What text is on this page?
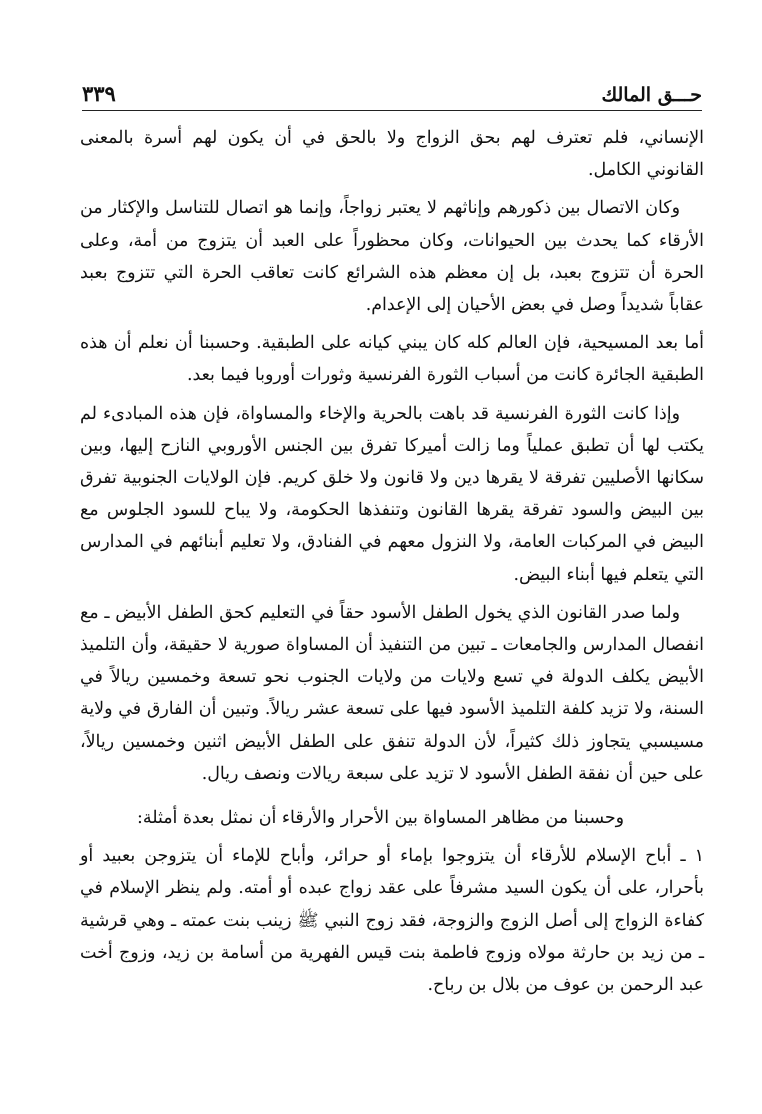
حـــق المالك
٣٣٩

الإنساني، فلم تعترف لهم بحق الزواج ولا بالحق في أن يكون لهم أسرة بالمعنى القانوني الكامل.

وكان الاتصال بين ذكورهم وإناثهم لا يعتبر زواجاً، وإنما هو اتصال للتناسل والإكثار من الأرقاء كما يحدث بين الحيوانات، وكان محظوراً على العبد أن يتزوج من أمة، وعلى الحرة أن تتزوج بعبد، بل إن معظم هذه الشرائع كانت تعاقب الحرة التي تتزوج بعبد عقاباً شديداً وصل في بعض الأحيان إلى الإعدام.

أما بعد المسيحية، فإن العالم كله كان يبني كيانه على الطبقية. وحسبنا أن نعلم أن هذه الطبقية الجائرة كانت من أسباب الثورة الفرنسية وثورات أوروبا فيما بعد.

وإذا كانت الثورة الفرنسية قد باهت بالحرية والإخاء والمساواة، فإن هذه المبادىء لم يكتب لها أن تطبق عملياً وما زالت أميركا تفرق بين الجنس الأوروبي النازح إليها، وبين سكانها الأصليين تفرقة لا يقرها دين ولا قانون ولا خلق كريم. فإن الولايات الجنوبية تفرق بين البيض والسود تفرقة يقرها القانون وتنفذها الحكومة، ولا يباح للسود الجلوس مع البيض في المركبات العامة، ولا النزول معهم في الفنادق، ولا تعليم أبنائهم في المدارس التي يتعلم فيها أبناء البيض.

ولما صدر القانون الذي يخول الطفل الأسود حقاً في التعليم كحق الطفل الأبيض ـ مع انفصال المدارس والجامعات ـ تبين من التنفيذ أن المساواة صورية لا حقيقة، وأن التلميذ الأبيض يكلف الدولة في تسع ولايات من ولايات الجنوب نحو تسعة وخمسين ريالاً في السنة، ولا تزيد كلفة التلميذ الأسود فيها على تسعة عشر ريالاً. وتبين أن الفارق في ولاية مسيسبي يتجاوز ذلك كثيراً، لأن الدولة تنفق على الطفل الأبيض اثنين وخمسين ريالاً، على حين أن نفقة الطفل الأسود لا تزيد على سبعة ريالات ونصف ريال.

وحسبنا من مظاهر المساواة بين الأحرار والأرقاء أن نمثل بعدة أمثلة:

١ ـ أباح الإسلام للأرقاء أن يتزوجوا بإماء أو حرائر، وأباح للإماء أن يتزوجن بعبيد أو بأحرار، على أن يكون السيد مشرفاً على عقد زواج عبده أو أمته. ولم ينظر الإسلام في كفاءة الزواج إلى أصل الزوج والزوجة، فقد زوج النبي ﷺ زينب بنت عمته ـ وهي قرشية ـ من زيد بن حارثة مولاه وزوج فاطمة بنت قيس الفهرية من أسامة بن زيد، وزوج أخت عبد الرحمن بن عوف من بلال بن رباح.
